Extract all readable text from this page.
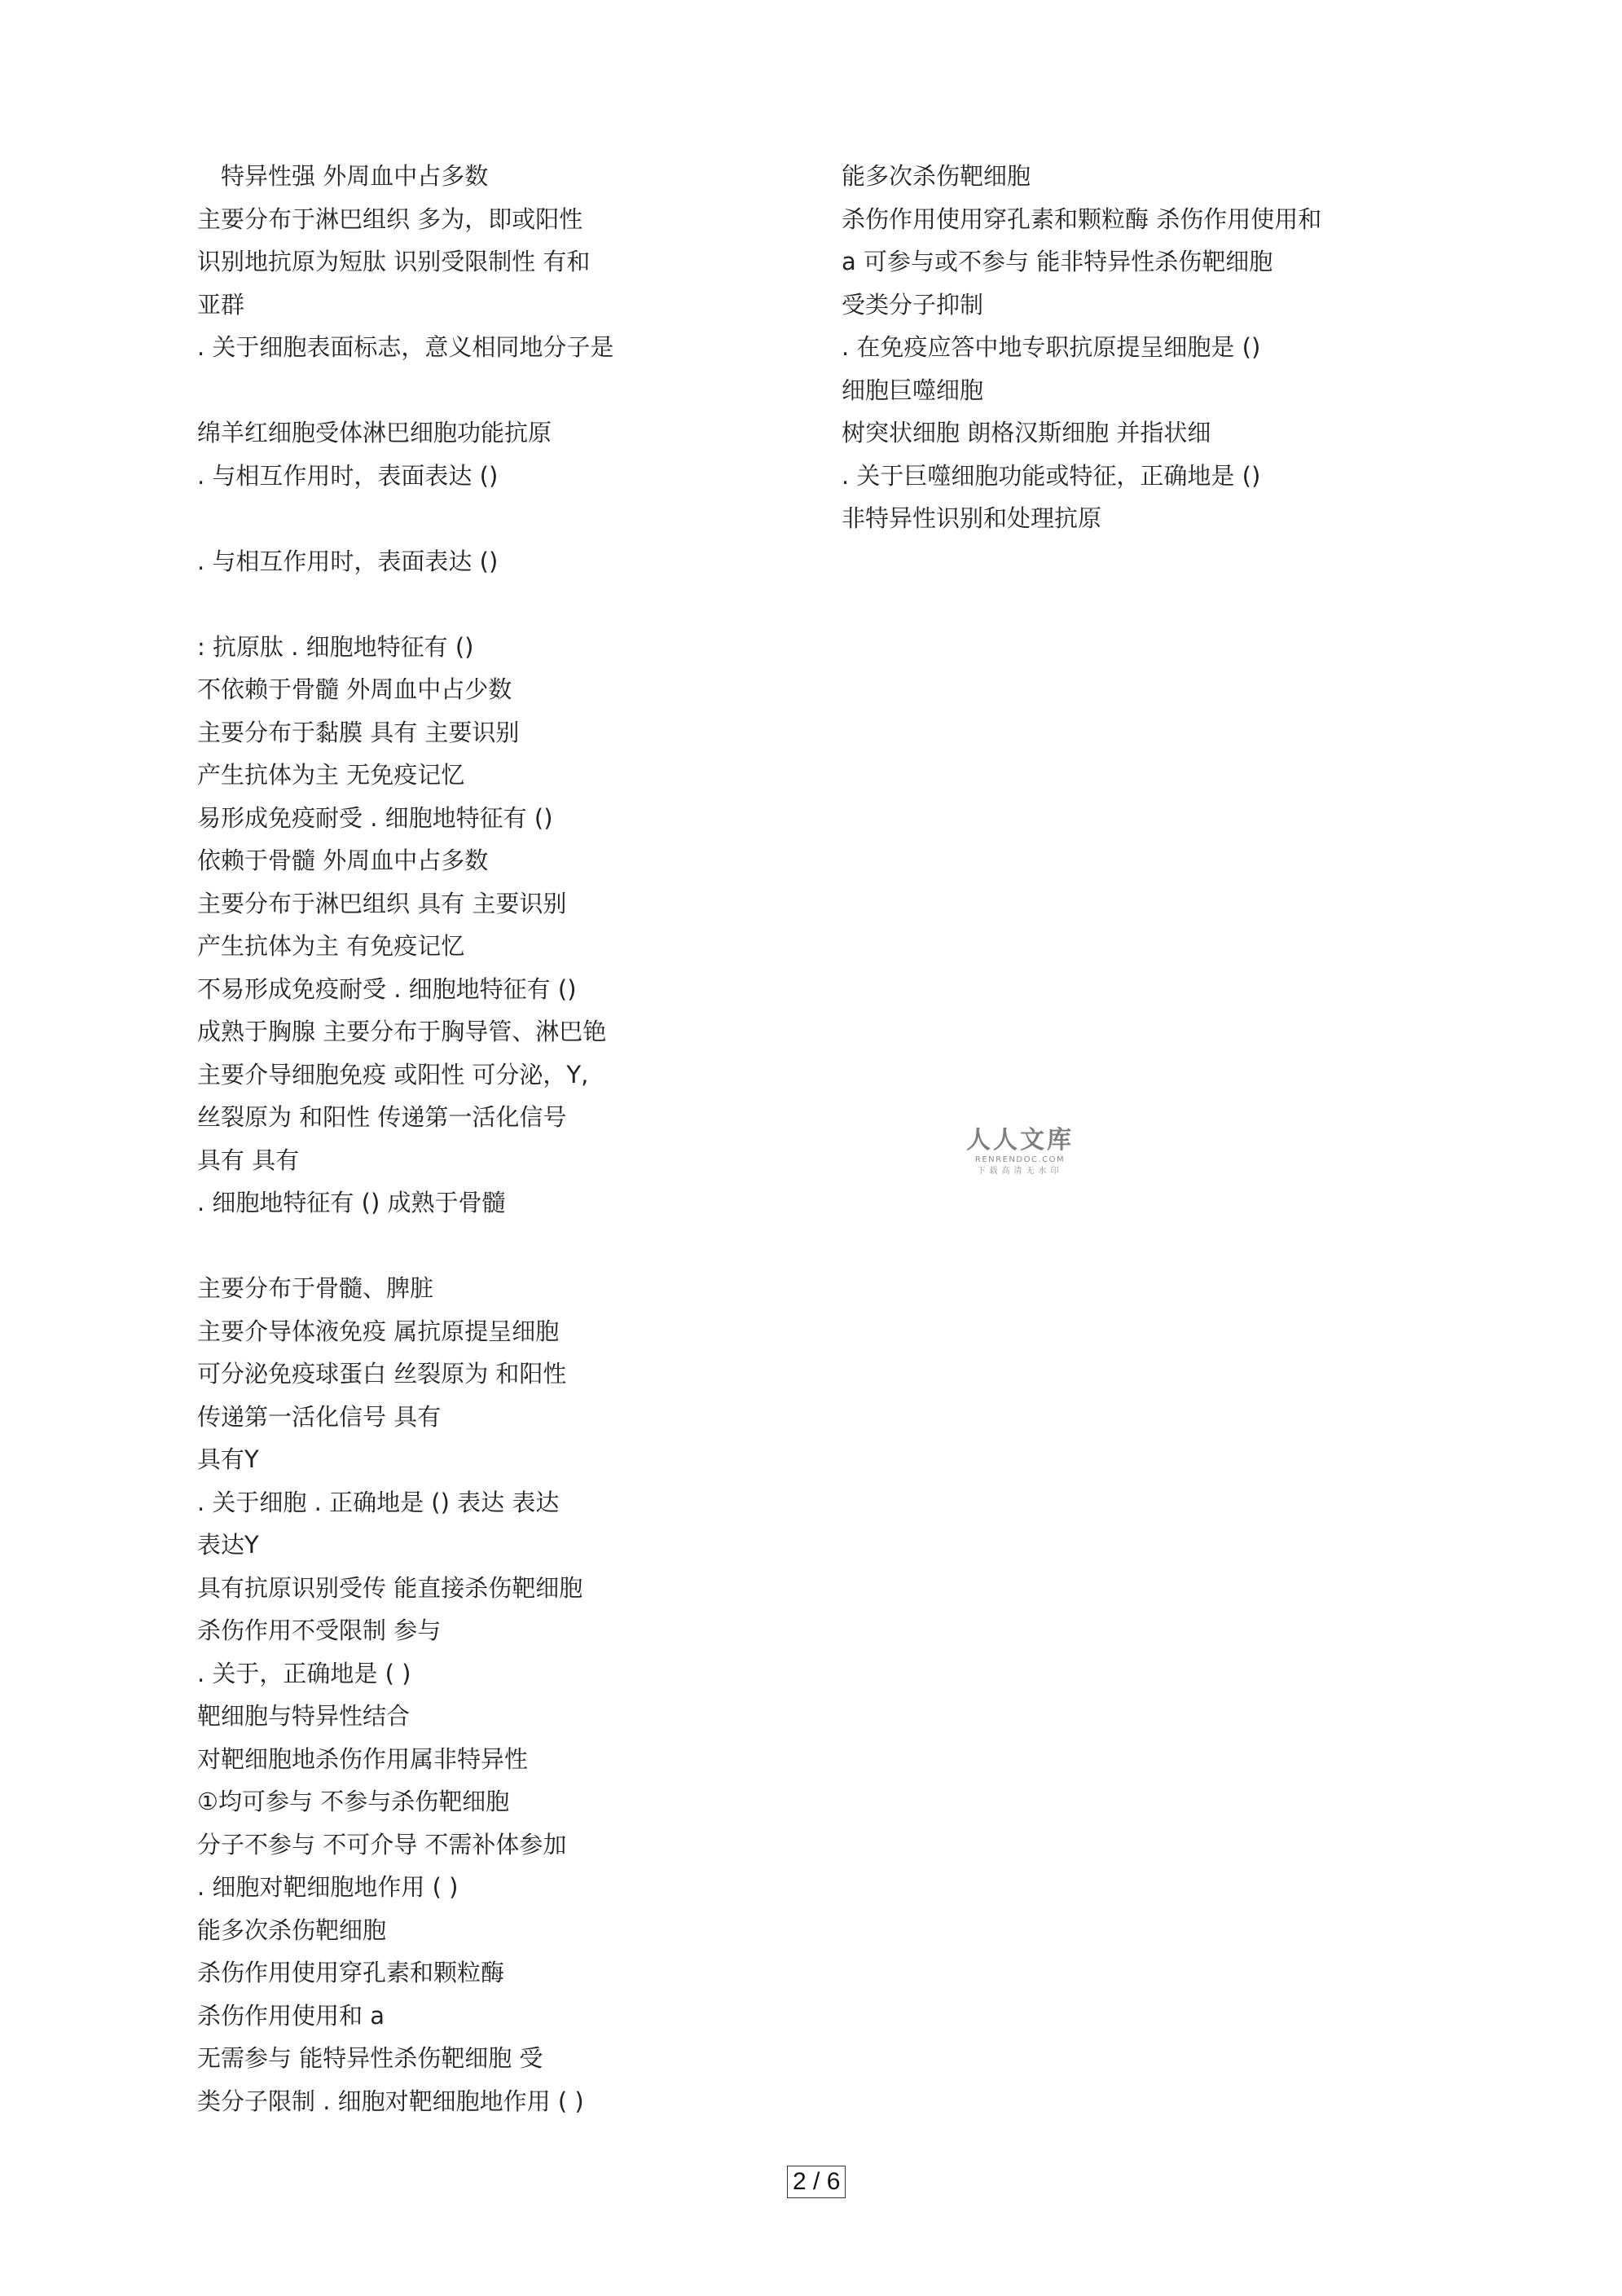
　特异性强 外周血中占多数
主要分布于淋巴组织 多为，即或阳性
识别地抗原为短肽 识别受限制性 有和
亚群
. 关于细胞表面标志，意义相同地分子是
绵羊红细胞受体淋巴细胞功能抗原
. 与相互作用时，表面表达 ()
. 与相互作用时，表面表达 ()
: 抗原肽 . 细胞地特征有 ()
不依赖于骨髓 外周血中占少数
主要分布于黏膜 具有 主要识别
产生抗体为主 无免疫记忆
易形成免疫耐受 . 细胞地特征有 ()
依赖于骨髓 外周血中占多数
主要分布于淋巴组织 具有 主要识别
产生抗体为主 有免疫记忆
不易形成免疫耐受 . 细胞地特征有 ()
成熟于胸腺 主要分布于胸导管、淋巴铯
主要介导细胞免疫 或阳性 可分泌，Y,
丝裂原为 和阳性 传递第一活化信号
具有 具有
. 细胞地特征有 () 成熟于骨髓
主要分布于骨髓、脾脏
主要介导体液免疫 属抗原提呈细胞
可分泌免疫球蛋白 丝裂原为 和阳性
传递第一活化信号 具有
具有Y
. 关于细胞 . 正确地是 () 表达 表达
表达Y
具有抗原识别受传 能直接杀伤靶细胞
杀伤作用不受限制 参与
. 关于，正确地是 ( )
靶细胞与特异性结合
对靶细胞地杀伤作用属非特异性
①均可参与 不参与杀伤靶细胞
分子不参与 不可介导 不需补体参加
. 细胞对靶细胞地作用 ( )
能多次杀伤靶细胞
杀伤作用使用穿孔素和颗粒酶
杀伤作用使用和 a
无需参与 能特异性杀伤靶细胞 受
类分子限制 . 细胞对靶细胞地作用 ( )
能多次杀伤靶细胞
杀伤作用使用穿孔素和颗粒酶 杀伤作用使用和
a 可参与或不参与 能非特异性杀伤靶细胞
受类分子抑制
. 在免疫应答中地专职抗原提呈细胞是 ()
细胞巨噬细胞
树突状细胞 朗格汉斯细胞 并指状细
. 关于巨噬细胞功能或特征，正确地是 ()
非特异性识别和处理抗原
人人文库
RENRENDOC.COM
下载高清无水印
2 / 6
